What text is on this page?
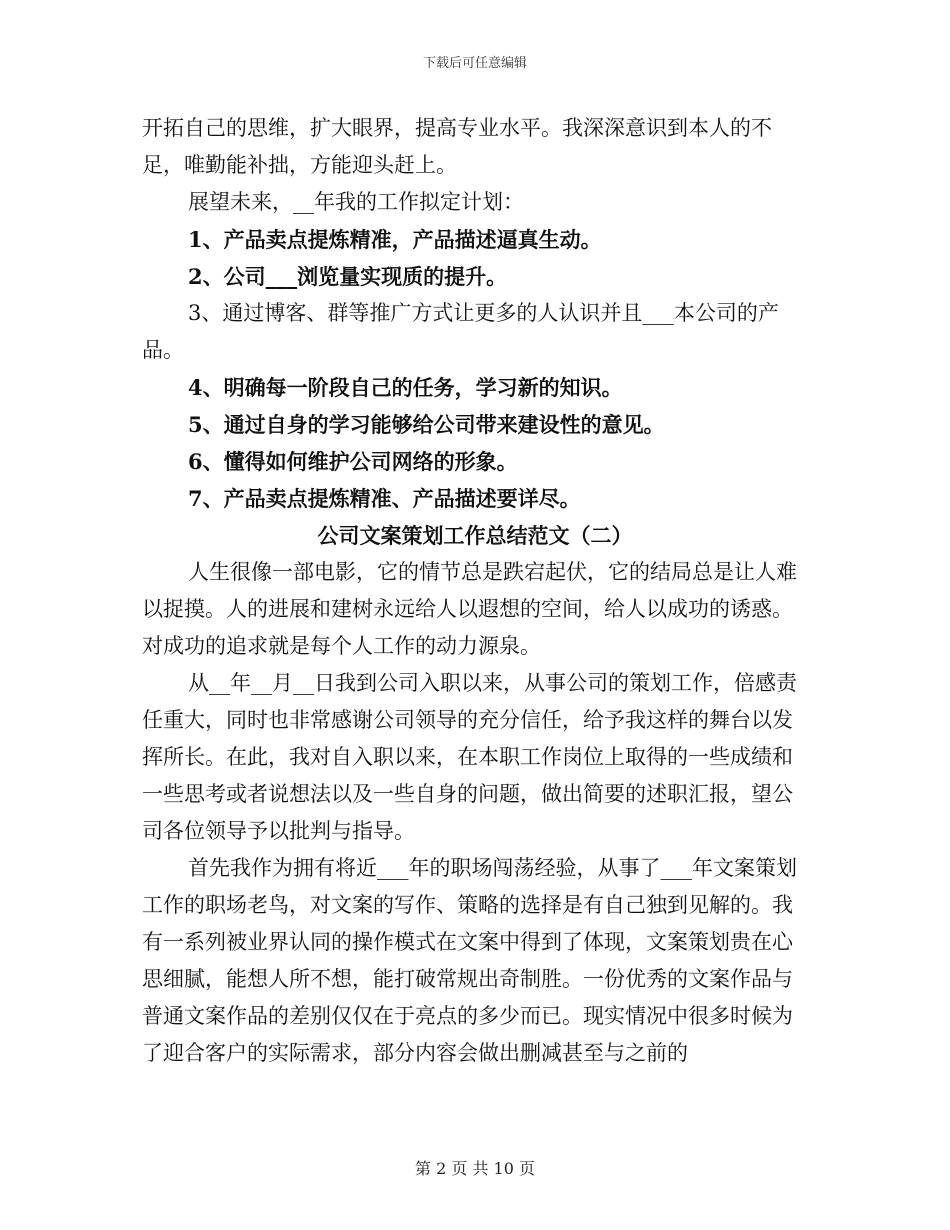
下载后可任意编辑

开拓自己的思维，扩大眼界，提高专业水平。我深深意识到本人的不足，唯勤能补拙，方能迎头赶上。

展望未来，__年我的工作拟定计划：

1、产品卖点提炼精准，产品描述逼真生动。

2、公司___浏览量实现质的提升。

3、通过博客、群等推广方式让更多的人认识并且___本公司的产品。

4、明确每一阶段自己的任务，学习新的知识。

5、通过自身的学习能够给公司带来建设性的意见。

6、懂得如何维护公司网络的形象。

7、产品卖点提炼精准、产品描述要详尽。

公司文案策划工作总结范文（二）

人生很像一部电影，它的情节总是跌宕起伏，它的结局总是让人难以捉摸。人的进展和建树永远给人以遐想的空间，给人以成功的诱惑。对成功的追求就是每个人工作的动力源泉。

从__年__月__日我到公司入职以来，从事公司的策划工作，倍感责任重大，同时也非常感谢公司领导的充分信任，给予我这样的舞台以发挥所长。在此，我对自入职以来，在本职工作岗位上取得的一些成绩和一些思考或者说想法以及一些自身的问题，做出简要的述职汇报，望公司各位领导予以批判与指导。

首先我作为拥有将近___年的职场闯荡经验，从事了___年文案策划工作的职场老鸟，对文案的写作、策略的选择是有自己独到见解的。我有一系列被业界认同的操作模式在文案中得到了体现，文案策划贵在心思细腻，能想人所不想，能打破常规出奇制胜。一份优秀的文案作品与普通文案作品的差别仅仅在于亮点的多少而已。现实情况中很多时候为了迎合客户的实际需求，部分内容会做出删减甚至与之前的

第 2 页 共 10 页
